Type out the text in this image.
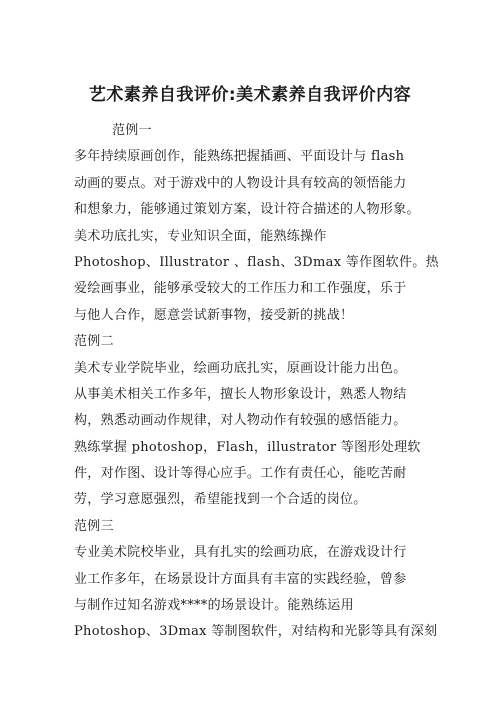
艺术素养自我评价:美术素养自我评价内容
范例一
多年持续原画创作，能熟练把握插画、平面设计与 flash
动画的要点。对于游戏中的人物设计具有较高的领悟能力
和想象力，能够通过策划方案，设计符合描述的人物形象。
美术功底扎实，专业知识全面，能熟练操作
Photoshop、Illustrator 、flash、3Dmax 等作图软件。热
爱绘画事业，能够承受较大的工作压力和工作强度，乐于
与他人合作，愿意尝试新事物，接受新的挑战！
范例二
美术专业学院毕业，绘画功底扎实，原画设计能力出色。
从事美术相关工作多年，擅长人物形象设计，熟悉人物结
构，熟悉动画动作规律，对人物动作有较强的感悟能力。
熟练掌握 photoshop，Flash，illustrator 等图形处理软
件，对作图、设计等得心应手。工作有责任心，能吃苦耐
劳，学习意愿强烈，希望能找到一个合适的岗位。
范例三
专业美术院校毕业，具有扎实的绘画功底，在游戏设计行
业工作多年，在场景设计方面具有丰富的实践经验，曾参
与制作过知名游戏****的场景设计。能熟练运用
Photoshop、3Dmax 等制图软件，对结构和光影等具有深刻
